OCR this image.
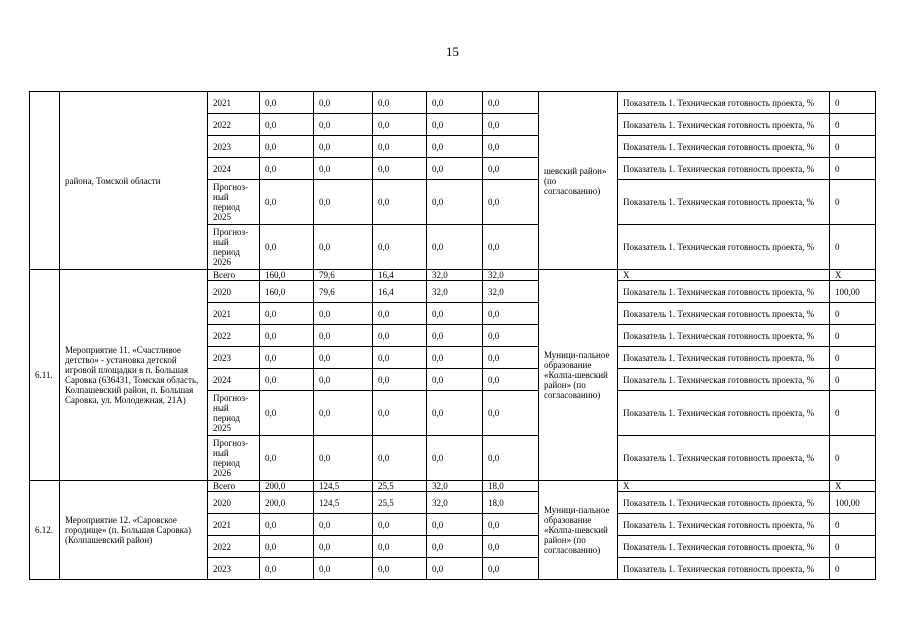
15
	района, Томской области	2021	0,0	0,0	0,0	0,0	0,0	шевский район» (по согласованию)	Показатель 1. Техническая готовность проекта, %	0
		2022	0,0	0,0	0,0	0,0	0,0		Показатель 1. Техническая готовность проекта, %	0
		2023	0,0	0,0	0,0	0,0	0,0		Показатель 1. Техническая готовность проекта, %	0
		2024	0,0	0,0	0,0	0,0	0,0		Показатель 1. Техническая готовность проекта, %	0
		Прогноз-ный период 2025	0,0	0,0	0,0	0,0	0,0		Показатель 1. Техническая готовность проекта, %	0
		Прогноз-ный период 2026	0,0	0,0	0,0	0,0	0,0		Показатель 1. Техническая готовность проекта, %	0
6.11.	Мероприятие 11. «Счастливое детство» - установка детской игровой площадки в п. Большая Саровка (636431, Томская область, Колпашевский район, п. Большая Саровка, ул. Молодежная, 21А)	Всего	160,0	79,6	16,4	32,0	32,0	Муници-пальное образование «Колпа-шевский район» (по согласованию)	Х	Х
		2020	160,0	79,6	16,4	32,0	32,0		Показатель 1. Техническая готовность проекта, %	100,00
		2021	0,0	0,0	0,0	0,0	0,0		Показатель 1. Техническая готовность проекта, %	0
		2022	0,0	0,0	0,0	0,0	0,0		Показатель 1. Техническая готовность проекта, %	0
		2023	0,0	0,0	0,0	0,0	0,0		Показатель 1. Техническая готовность проекта, %	0
		2024	0,0	0,0	0,0	0,0	0,0		Показатель 1. Техническая готовность проекта, %	0
		Прогноз-ный период 2025	0,0	0,0	0,0	0,0	0,0		Показатель 1. Техническая готовность проекта, %	0
		Прогноз-ный период 2026	0,0	0,0	0,0	0,0	0,0		Показатель 1. Техническая готовность проекта, %	0
6.12.	Мероприятие 12. «Саровское городище» (п. Большая Саровка) (Колпашевский район)	Всего	200,0	124,5	25,5	32,0	18,0	Муници-пальное образование «Колпа-шевский район» (по согласованию)	Х	Х
		2020	200,0	124,5	25,5	32,0	18,0		Показатель 1. Техническая готовность проекта, %	100,00
		2021	0,0	0,0	0,0	0,0	0,0		Показатель 1. Техническая готовность проекта, %	0
		2022	0,0	0,0	0,0	0,0	0,0		Показатель 1. Техническая готовность проекта, %	0
		2023	0,0	0,0	0,0	0,0	0,0		Показатель 1. Техническая готовность проекта, %	0
